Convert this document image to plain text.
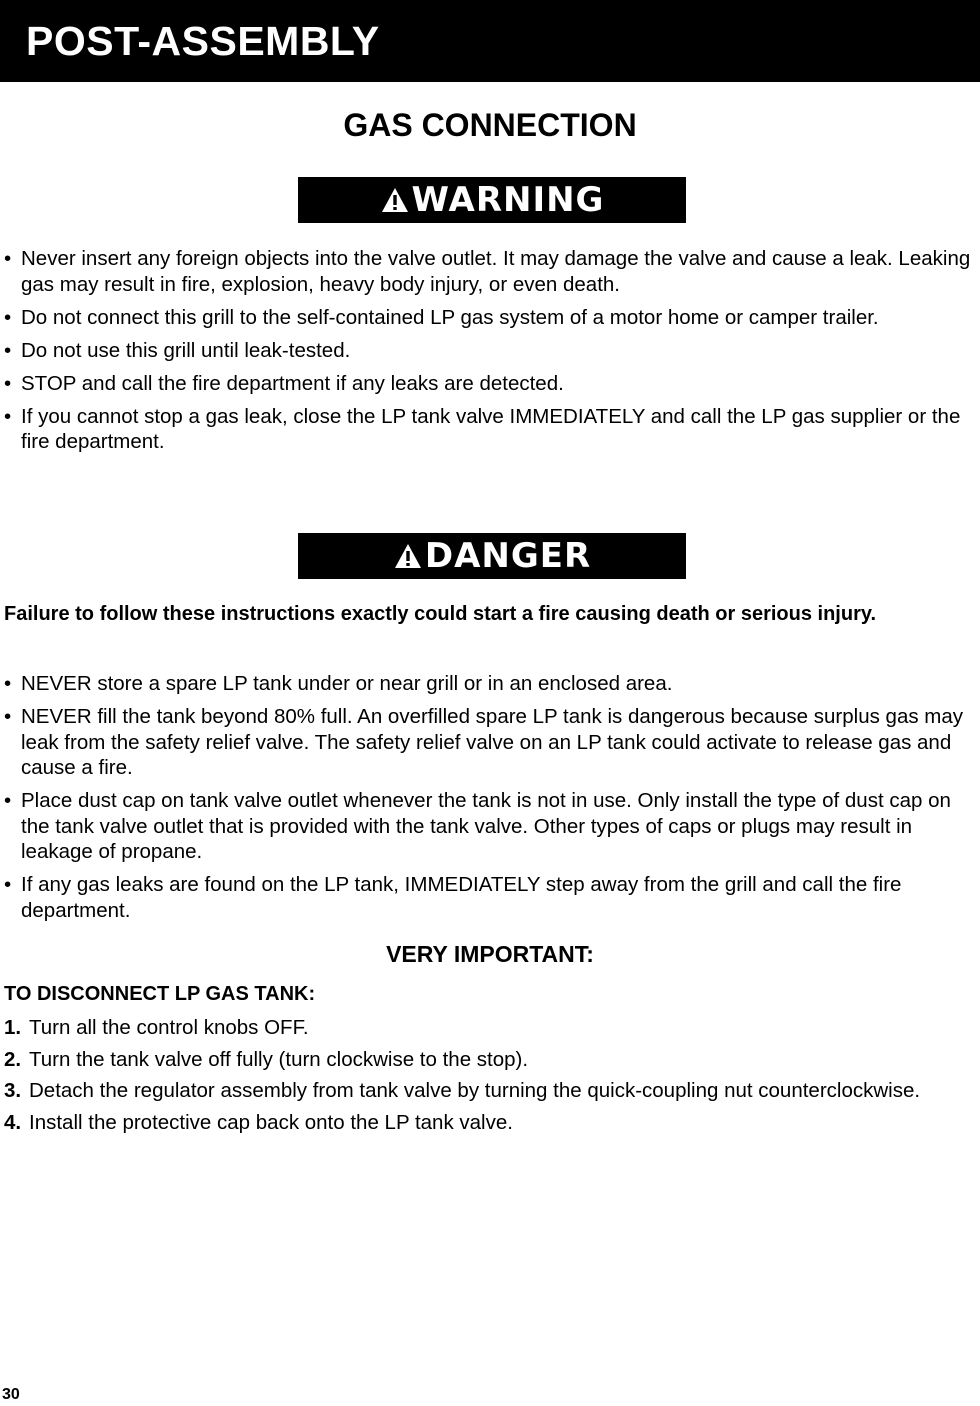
POST-ASSEMBLY
GAS CONNECTION
WARNING
• Never insert any foreign objects into the valve outlet. It may damage the valve and cause a leak. Leaking gas may result in fire, explosion, heavy body injury, or even death.
• Do not connect this grill to the self-contained LP gas system of a motor home or camper trailer.
• Do not use this grill until leak-tested.
• STOP and call the fire department if any leaks are detected.
• If you cannot stop a gas leak, close the LP tank valve IMMEDIATELY and call the LP gas supplier or the fire department.
DANGER
Failure to follow these instructions exactly could start a fire causing death or serious injury.
• NEVER store a spare LP tank under or near grill or in an enclosed area.
• NEVER fill the tank beyond 80% full. An overfilled spare LP tank is dangerous because surplus gas may leak from the safety relief valve. The safety relief valve on an LP tank could activate to release gas and cause a fire.
• Place dust cap on tank valve outlet whenever the tank is not in use. Only install the type of dust cap on the tank valve outlet that is provided with the tank valve. Other types of caps or plugs may result in leakage of propane.
• If any gas leaks are found on the LP tank, IMMEDIATELY step away from the grill and call the fire department.
VERY IMPORTANT:
TO DISCONNECT LP GAS TANK:
1. Turn all the control knobs OFF.
2. Turn the tank valve off fully (turn clockwise to the stop).
3. Detach the regulator assembly from tank valve by turning the quick-coupling nut counterclockwise.
4. Install the protective cap back onto the LP tank valve.
30
